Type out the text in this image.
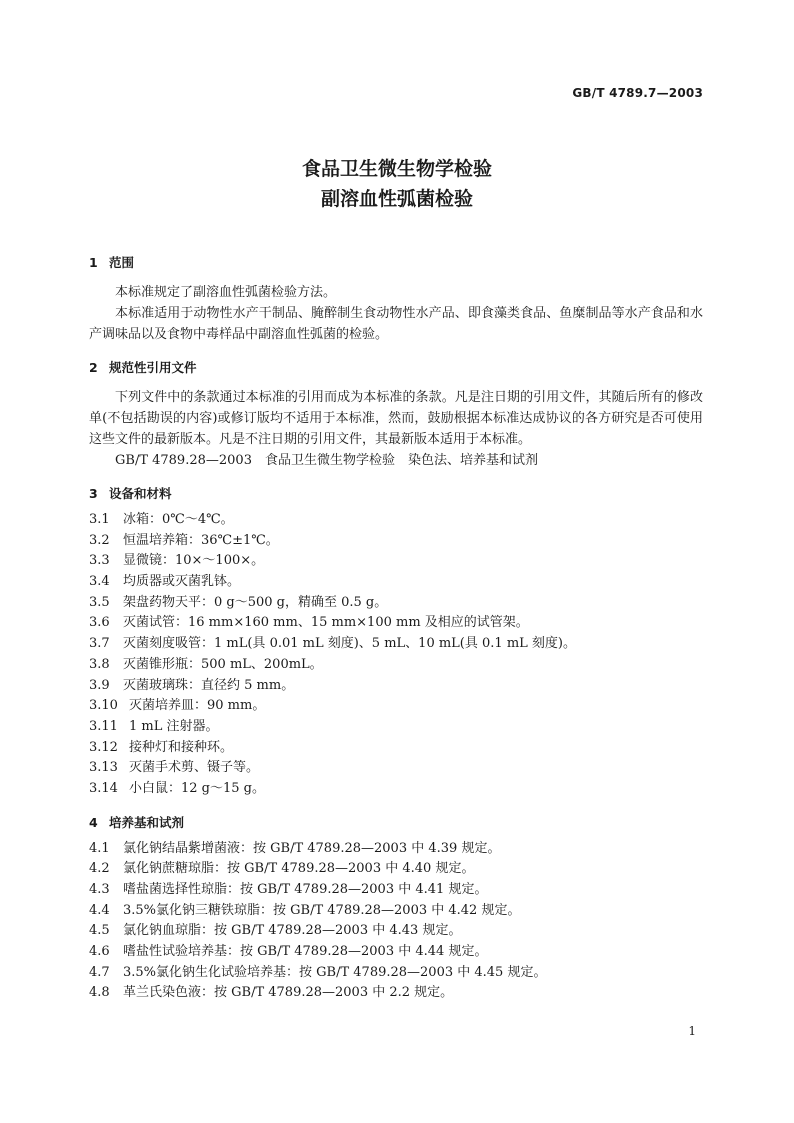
GB/T 4789.7—2003
食品卫生微生物学检验
副溶血性弧菌检验
1 范围
本标准规定了副溶血性弧菌检验方法。
本标准适用于动物性水产干制品、腌醉制生食动物性水产品、即食藻类食品、鱼糜制品等水产食品和水产调味品以及食物中毒样品中副溶血性弧菌的检验。
2 规范性引用文件
下列文件中的条款通过本标准的引用而成为本标准的条款。凡是注日期的引用文件，其随后所有的修改单(不包括勘误的内容)或修订版均不适用于本标准，然而，鼓励根据本标准达成协议的各方研究是否可使用这些文件的最新版本。凡是不注日期的引用文件，其最新版本适用于本标准。
GB/T 4789.28—2003　食品卫生微生物学检验　染色法、培养基和试剂
3 设备和材料
3.1 冰箱：0℃～4℃。
3.2 恒温培养箱：36℃±1℃。
3.3 显微镜：10×～100×。
3.4 均质器或灭菌乳钵。
3.5 架盘药物天平：0 g～500 g，精确至 0.5 g。
3.6 灭菌试管：16 mm×160 mm、15 mm×100 mm 及相应的试管架。
3.7 灭菌刻度吸管：1 mL(具 0.01 mL 刻度)、5 mL、10 mL(具 0.1 mL 刻度)。
3.8 灭菌锥形瓶：500 mL、200mL。
3.9 灭菌玻璃珠：直径约 5 mm。
3.10 灭菌培养皿：90 mm。
3.11 1 mL 注射器。
3.12 接种灯和接种环。
3.13 灭菌手术剪、镊子等。
3.14 小白鼠：12 g～15 g。
4 培养基和试剂
4.1 氯化钠结晶紫增菌液：按 GB/T 4789.28—2003 中 4.39 规定。
4.2 氯化钠蔗糖琼脂：按 GB/T 4789.28—2003 中 4.40 规定。
4.3 嗜盐菌选择性琼脂：按 GB/T 4789.28—2003 中 4.41 规定。
4.4 3.5%氯化钠三糖铁琼脂：按 GB/T 4789.28—2003 中 4.42 规定。
4.5 氯化钠血琼脂：按 GB/T 4789.28—2003 中 4.43 规定。
4.6 嗜盐性试验培养基：按 GB/T 4789.28—2003 中 4.44 规定。
4.7 3.5%氯化钠生化试验培养基：按 GB/T 4789.28—2003 中 4.45 规定。
4.8 革兰氏染色液：按 GB/T 4789.28—2003 中 2.2 规定。
1
